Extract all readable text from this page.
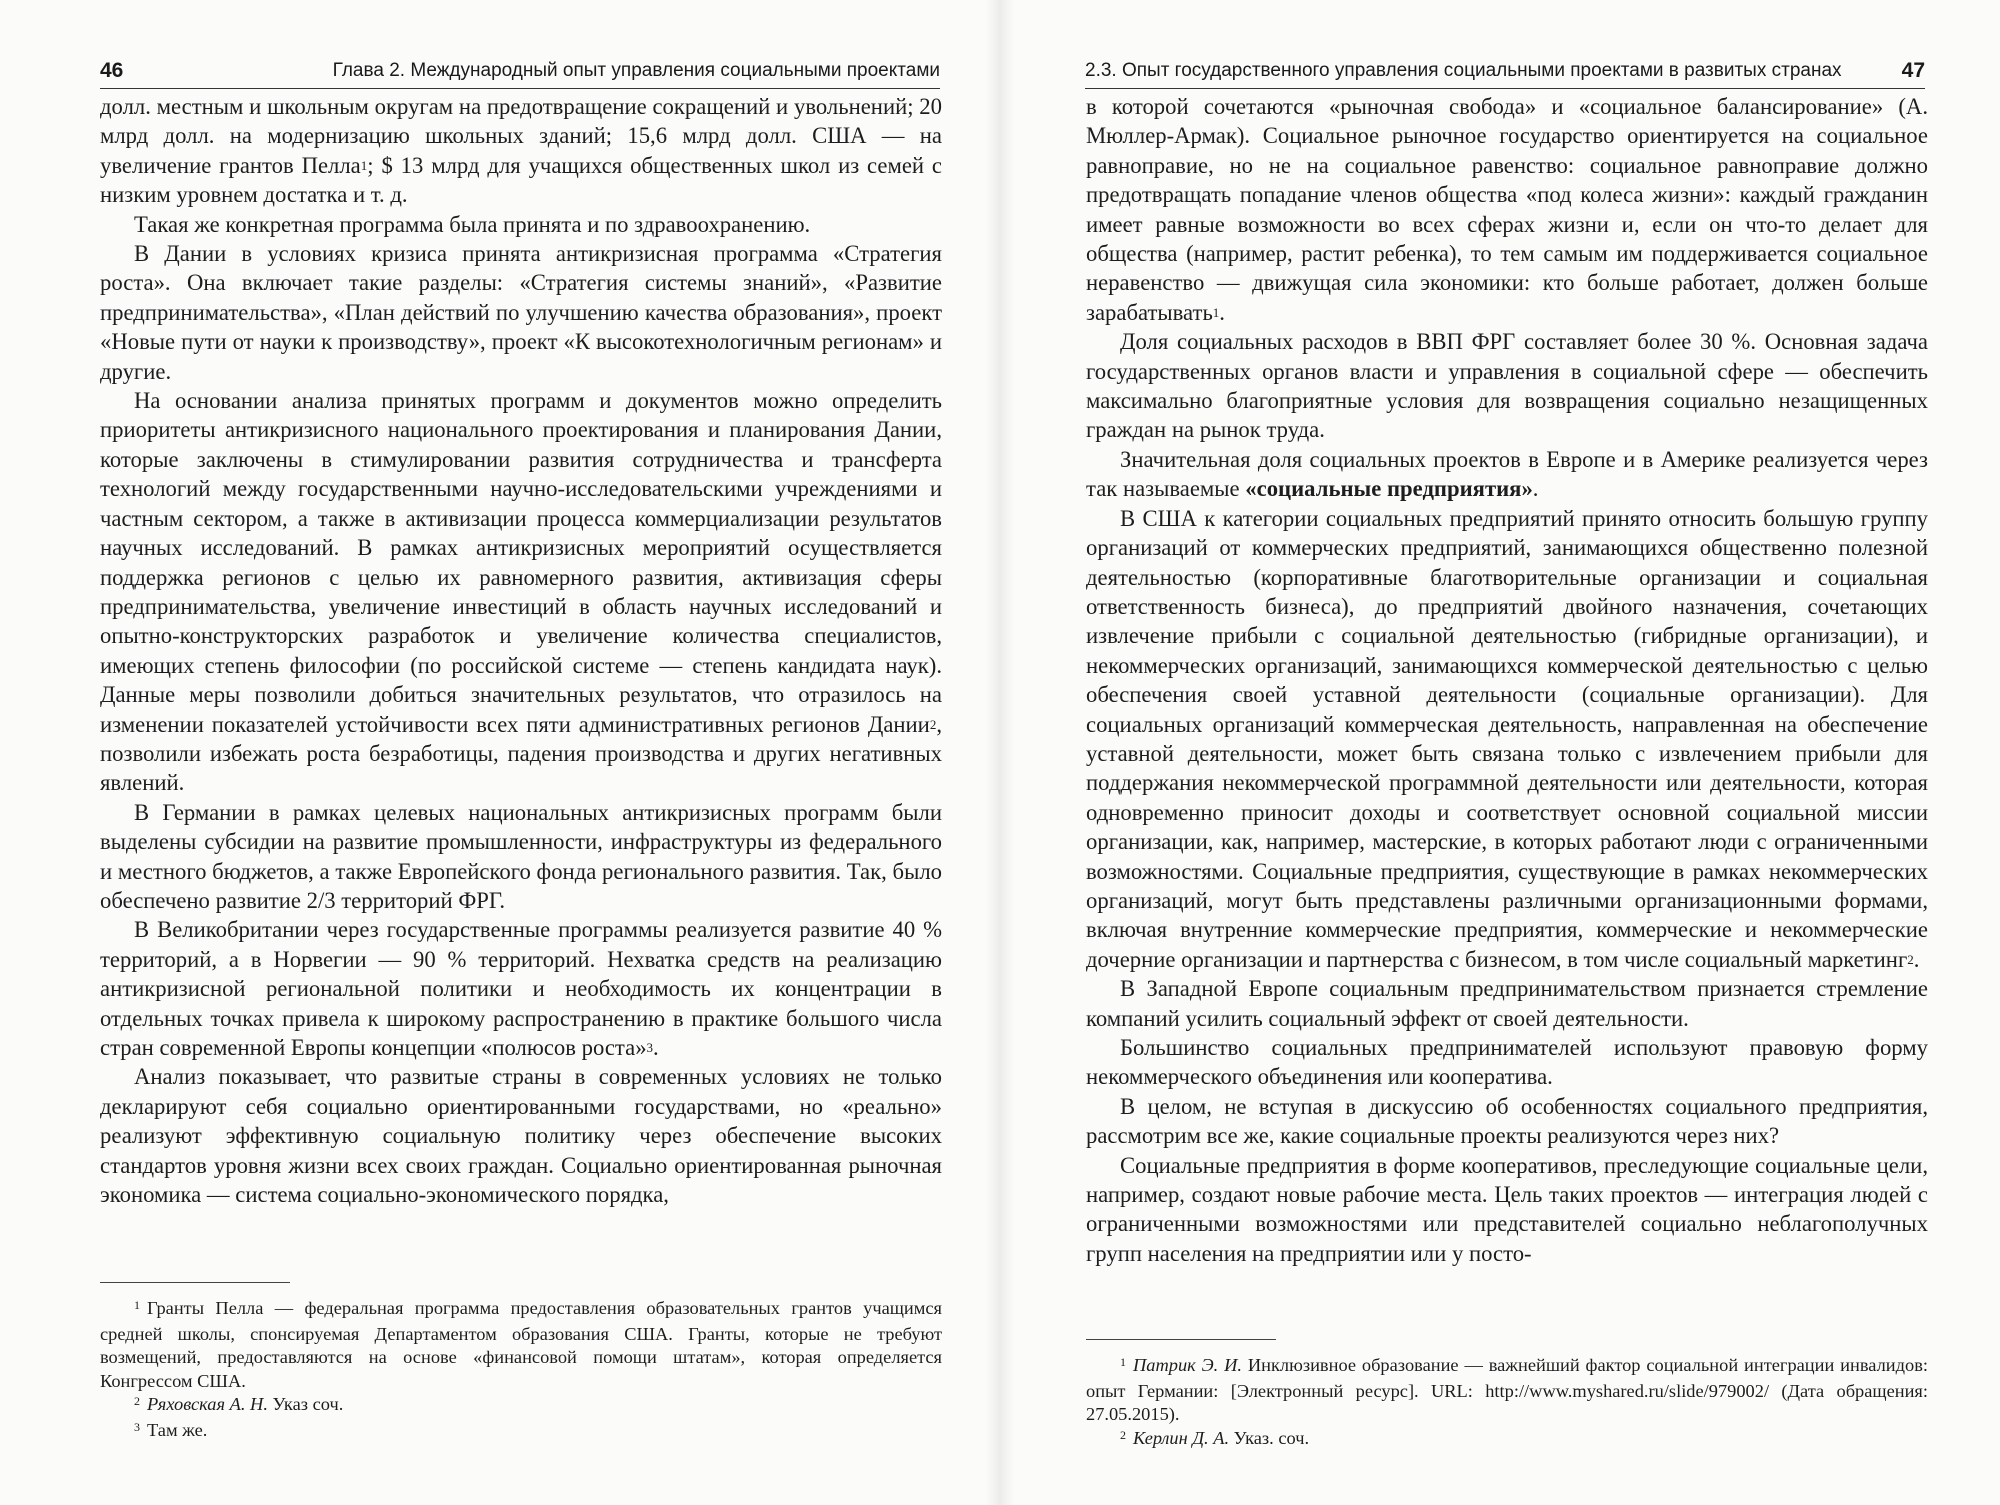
46	Глава 2. Международный опыт управления социальными проектами

долл. местным и школьным округам на предотвращение сокращений и увольнений; 20 млрд долл. на модернизацию школьных зданий; 15,6 млрд долл. США — на увеличение грантов Пелла$^1$; $ 13 млрд для учащихся общественных школ из семей с низким уровнем достатка и т. д.

Такая же конкретная программа была принята и по здравоохранению.

В Дании в условиях кризиса принята антикризисная программа «Стратегия роста». Она включает такие разделы: «Стратегия системы знаний», «Развитие предпринимательства», «План действий по улучшению качества образования», проект «Новые пути от науки к производству», проект «К высокотехнологичным регионам» и другие.

На основании анализа принятых программ и документов можно определить приоритеты антикризисного национального проектирования и планирования Дании, которые заключены в стимулировании развития сотрудничества и трансферта технологий между государственными научно-исследовательскими учреждениями и частным сектором, а также в активизации процесса коммерциализации результатов научных исследований. В рамках антикризисных мероприятий осуществляется поддержка регионов с целью их равномерного развития, активизация сферы предпринимательства, увеличение инвестиций в область научных исследований и опытно-конструкторских разработок и увеличение количества специалистов, имеющих степень философии (по российской системе — степень кандидата наук). Данные меры позволили добиться значительных результатов, что отразилось на изменении показателей устойчивости всех пяти административных регионов Дании$^2$, позволили избежать роста безработицы, падения производства и других негативных явлений.

В Германии в рамках целевых национальных антикризисных программ были выделены субсидии на развитие промышленности, инфраструктуры из федерального и местного бюджетов, а также Европейского фонда регионального развития. Так, было обеспечено развитие 2/3 территорий ФРГ.

В Великобритании через государственные программы реализуется развитие 40 % территорий, а в Норвегии — 90 % территорий. Нехватка средств на реализацию антикризисной региональной политики и необходимость их концентрации в отдельных точках привела к широкому распространению в практике большого числа стран современной Европы концепции «полюсов роста»$^3$.

Анализ показывает, что развитые страны в современных условиях не только декларируют себя социально ориентированными государствами, но «реально» реализуют эффективную социальную политику через обеспечение высоких стандартов уровня жизни всех своих граждан. Социально ориентированная рыночная экономика — система социально-экономического порядка,

$^1$ Гранты Пелла — федеральная программа предоставления образовательных грантов учащимся средней школы, спонсируемая Департаментом образования США. Гранты, которые не требуют возмещений, предоставляются на основе «финансовой помощи штатам», которая определяется Конгрессом США.

$^2$ Ряховская А. Н. Указ соч.

$^3$ Там же.

2.3. Опыт государственного управления социальными проектами в развитых странах	47

в которой сочетаются «рыночная свобода» и «социальное балансирование» (А. Мюллер-Армак). Социальное рыночное государство ориентируется на социальное равноправие, но не на социальное равенство: социальное равноправие должно предотвращать попадание членов общества «под колеса жизни»: каждый гражданин имеет равные возможности во всех сферах жизни и, если он что-то делает для общества (например, растит ребенка), то тем самым им поддерживается социальное неравенство — движущая сила экономики: кто больше работает, должен больше зарабатывать$^1$.

Доля социальных расходов в ВВП ФРГ составляет более 30 %. Основная задача государственных органов власти и управления в социальной сфере — обеспечить максимально благоприятные условия для возвращения социально незащищенных граждан на рынок труда.

Значительная доля социальных проектов в Европе и в Америке реализуется через так называемые «социальные предприятия».

В США к категории социальных предприятий принято относить большую группу организаций от коммерческих предприятий, занимающихся общественно полезной деятельностью (корпоративные благотворительные организации и социальная ответственность бизнеса), до предприятий двойного назначения, сочетающих извлечение прибыли с социальной деятельностью (гибридные организации), и некоммерческих организаций, занимающихся коммерческой деятельностью с целью обеспечения своей уставной деятельности (социальные организации). Для социальных организаций коммерческая деятельность, направленная на обеспечение уставной деятельности, может быть связана только с извлечением прибыли для поддержания некоммерческой программной деятельности или деятельности, которая одновременно приносит доходы и соответствует основной социальной миссии организации, как, например, мастерские, в которых работают люди с ограниченными возможностями. Социальные предприятия, существующие в рамках некоммерческих организаций, могут быть представлены различными организационными формами, включая внутренние коммерческие предприятия, коммерческие и некоммерческие дочерние организации и партнерства с бизнесом, в том числе социальный маркетинг$^2$.

В Западной Европе социальным предпринимательством признается стремление компаний усилить социальный эффект от своей деятельности.

Большинство социальных предпринимателей используют правовую форму некоммерческого объединения или кооператива.

В целом, не вступая в дискуссию об особенностях социального предприятия, рассмотрим все же, какие социальные проекты реализуются через них?

Социальные предприятия в форме кооперативов, преследующие социальные цели, например, создают новые рабочие места. Цель таких проектов — интеграция людей с ограниченными возможностями или представителей социально неблагополучных групп населения на предприятии или у посто-

$^1$ Патрик Э. И. Инклюзивное образование — важнейший фактор социальной интеграции инвалидов: опыт Германии: [Электронный ресурс]. URL: http://www.myshared.ru/slide/979002/ (Дата обращения: 27.05.2015).

$^2$ Керлин Д. А. Указ. соч.
